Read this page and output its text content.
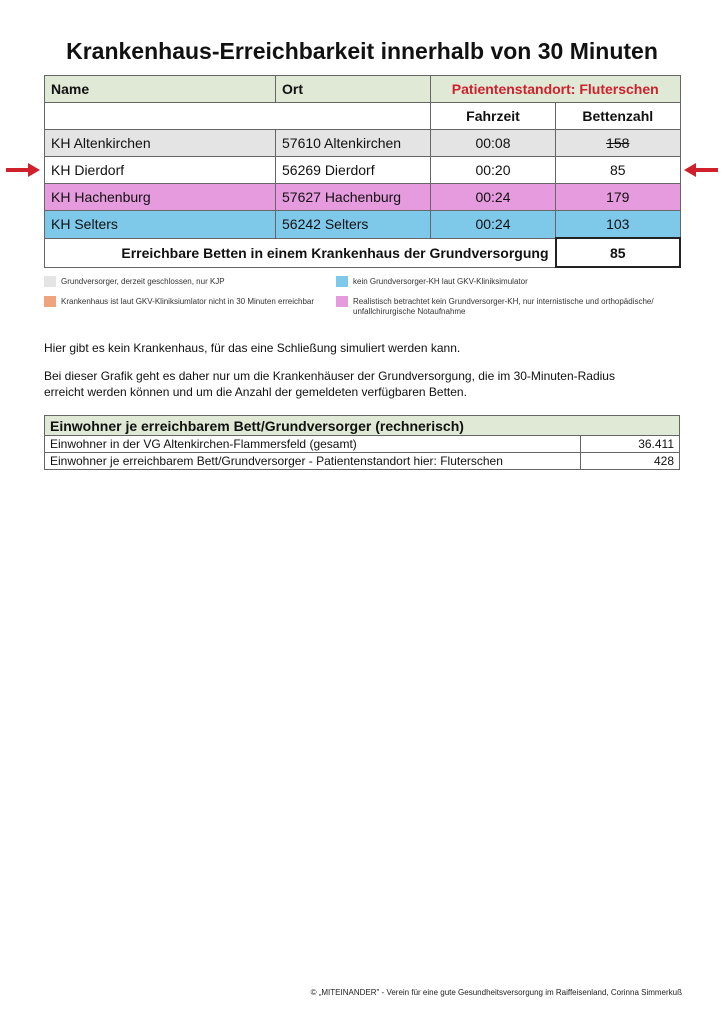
Krankenhaus-Erreichbarkeit innerhalb von 30 Minuten
Name	Ort	Patientenstandort: Fluterschen	
		Fahrzeit	Bettenzahl
KH Altenkirchen	57610 Altenkirchen	00:08	158
KH Dierdorf	56269 Dierdorf	00:20	85
KH Hachenburg	57627 Hachenburg	00:24	179
KH Selters	56242 Selters	00:24	103
Erreichbare Betten in einem Krankenhaus der Grundversorgung			85
Grundversorger, derzeit geschlossen, nur KJP	kein Grundversorger-KH laut GKV-Kliniksimulator
Krankenhaus ist laut GKV-Kliniksiumlator nicht in 30 Minuten erreichbar	Realistisch betrachtet kein Grundversorger-KH, nur internistische und orthopädische/ unfallchirurgische Notaufnahme
Hier gibt es kein Krankenhaus, für das eine Schließung simuliert werden kann.
Bei dieser Grafik geht es daher nur um die Krankenhäuser der Grundversorgung, die im 30-Minuten-Radius erreicht werden können und um die Anzahl der gemeldeten verfügbaren Betten.
Einwohner je erreichbarem Bett/Grundversorger (rechnerisch)	
Einwohner in der VG Altenkirchen-Flammersfeld (gesamt)	36.411
Einwohner je erreichbarem Bett/Grundversorger - Patientenstandort hier: Fluterschen	428
© „MITEINANDER" - Verein für eine gute Gesundheitsversorgung im Raiffeisenland, Corinna Simmerkuß
